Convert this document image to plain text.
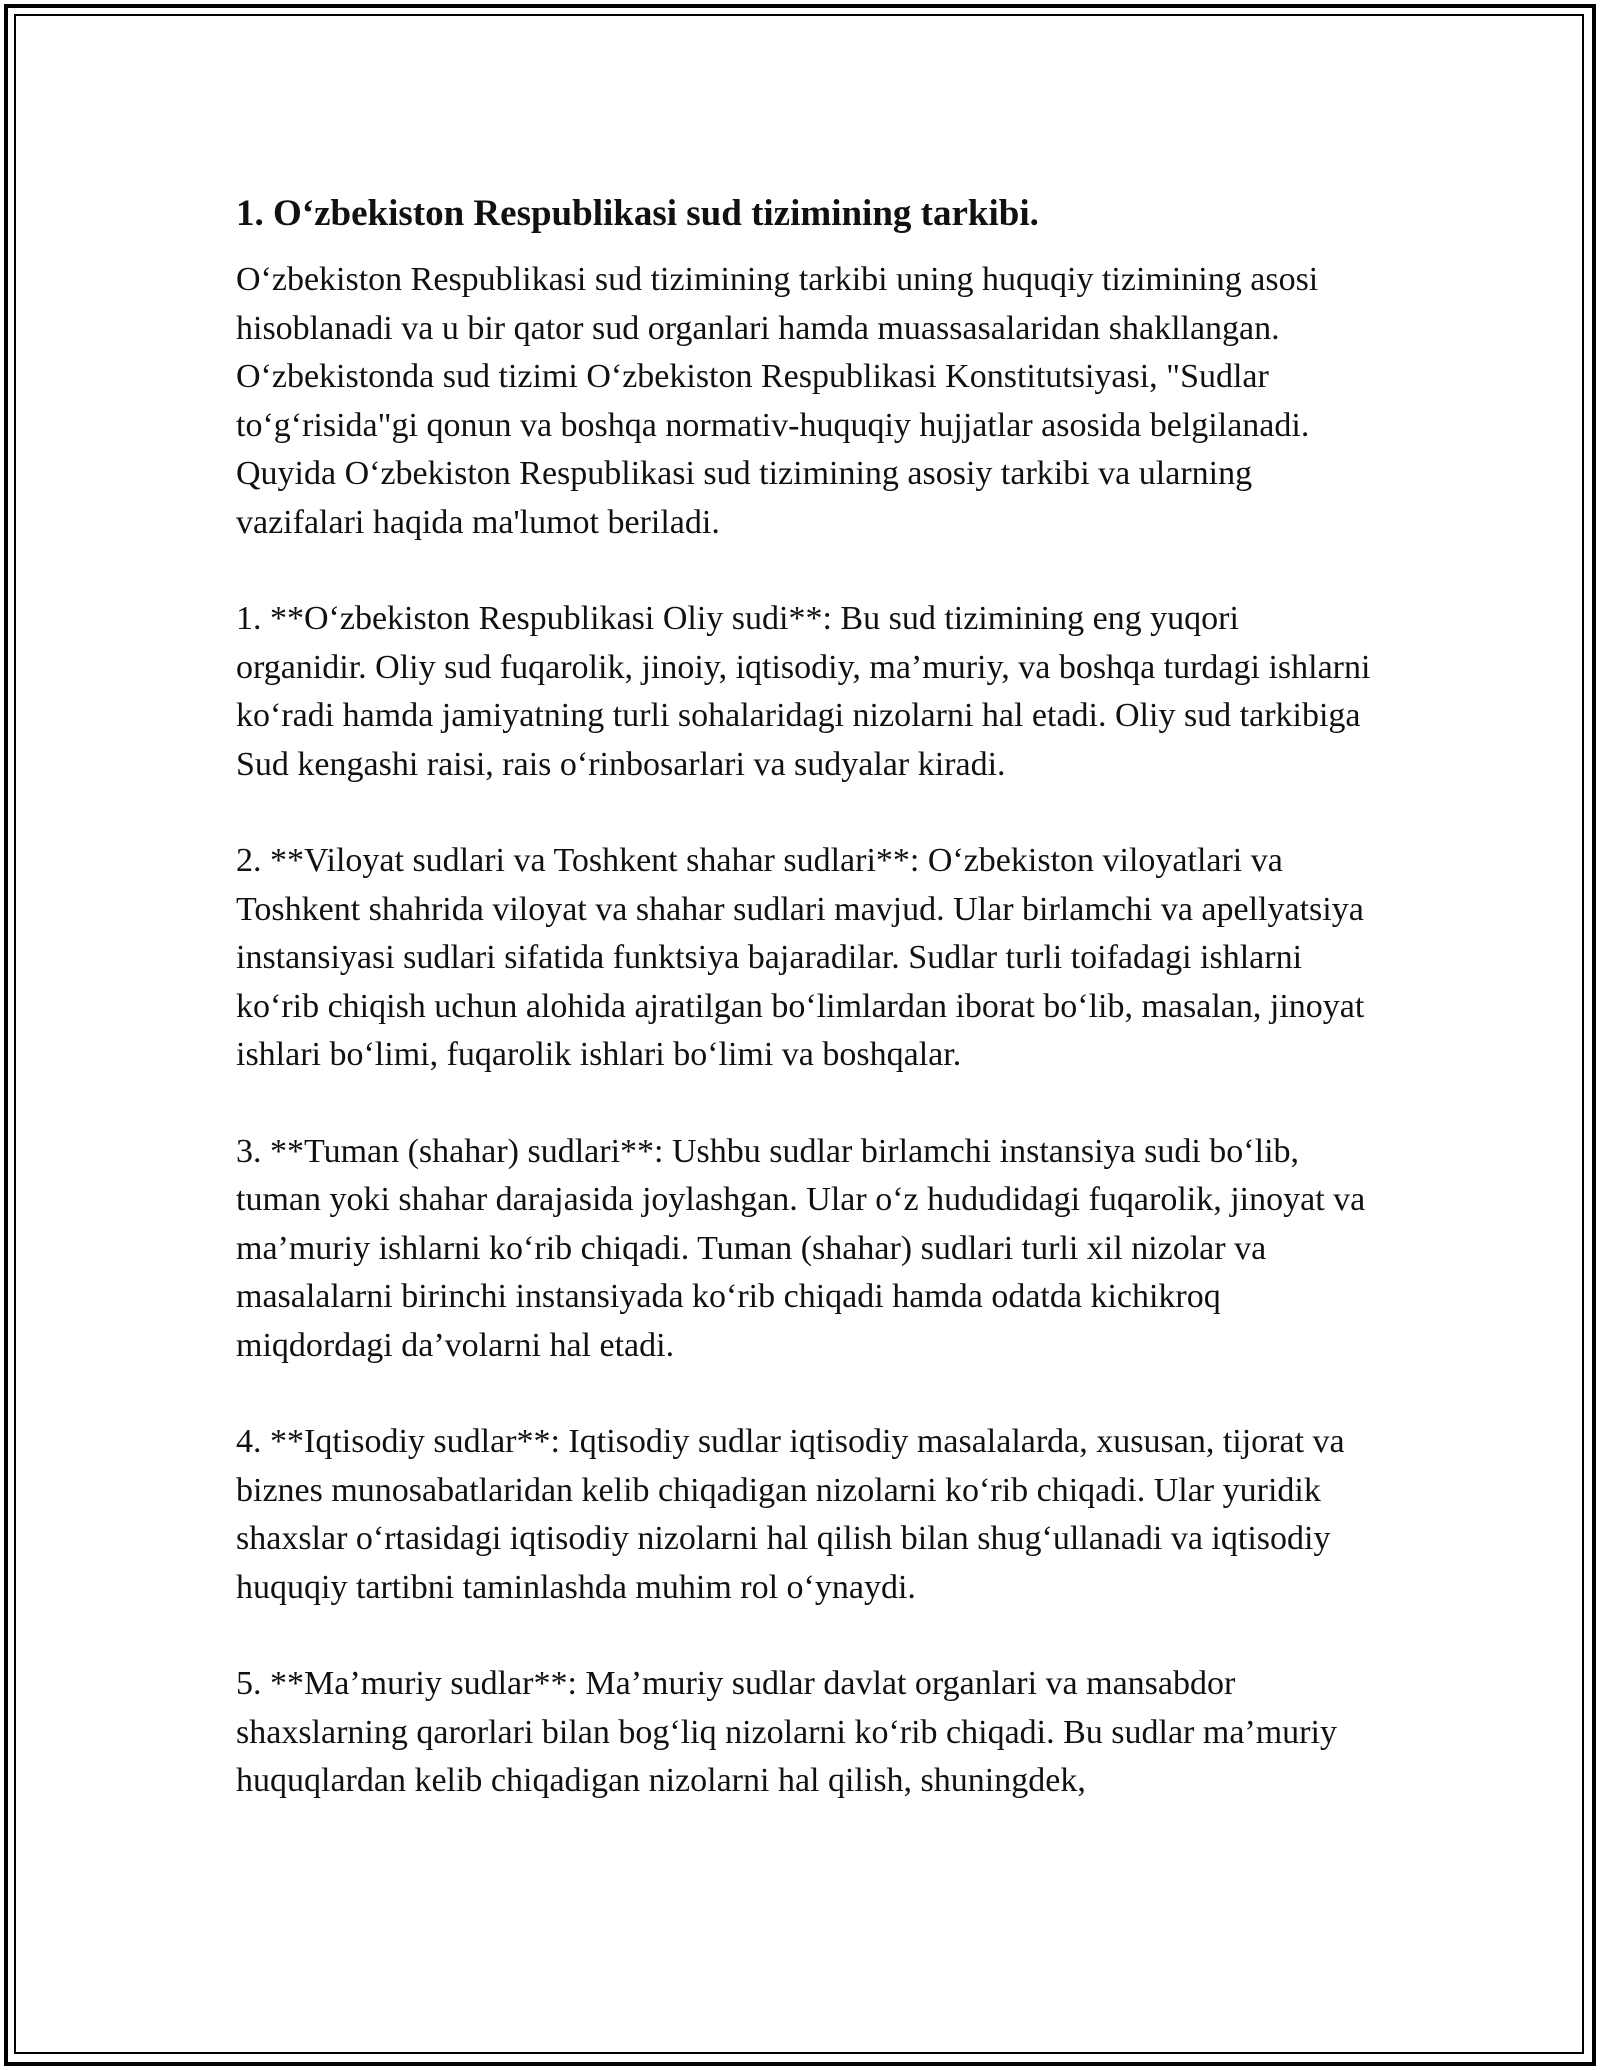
1. O‘zbekiston Respublikasi sud tizimining tarkibi.
O‘zbekiston Respublikasi sud tizimining tarkibi uning huquqiy tizimining asosi hisoblanadi va u bir qator sud organlari hamda muassasalaridan shakllangan. O‘zbekistonda sud tizimi O‘zbekiston Respublikasi Konstitutsiyasi, "Sudlar to‘g‘risida"gi qonun va boshqa normativ-huquqiy hujjatlar asosida belgilanadi. Quyida O‘zbekiston Respublikasi sud tizimining asosiy tarkibi va ularning vazifalari haqida ma'lumot beriladi.
1. **O‘zbekiston Respublikasi Oliy sudi**: Bu sud tizimining eng yuqori organidir. Oliy sud fuqarolik, jinoiy, iqtisodiy, ma’muriy, va boshqa turdagi ishlarni ko‘radi hamda jamiyatning turli sohalaridagi nizolarni hal etadi. Oliy sud tarkibiga Sud kengashi raisi, rais o‘rinbosarlari va sudyalar kiradi.
2. **Viloyat sudlari va Toshkent shahar sudlari**: O‘zbekiston viloyatlari va Toshkent shahrida viloyat va shahar sudlari mavjud. Ular birlamchi va apellyatsiya instansiyasi sudlari sifatida funktsiya bajaradilar. Sudlar turli toifadagi ishlarni ko‘rib chiqish uchun alohida ajratilgan bo‘limlardan iborat bo‘lib, masalan, jinoyat ishlari bo‘limi, fuqarolik ishlari bo‘limi va boshqalar.
3. **Tuman (shahar) sudlari**: Ushbu sudlar birlamchi instansiya sudi bo‘lib, tuman yoki shahar darajasida joylashgan. Ular o‘z hududidagi fuqarolik, jinoyat va ma’muriy ishlarni ko‘rib chiqadi. Tuman (shahar) sudlari turli xil nizolar va masalalarni birinchi instansiyada ko‘rib chiqadi hamda odatda kichikroq miqdordagi da’volarni hal etadi.
4. **Iqtisodiy sudlar**: Iqtisodiy sudlar iqtisodiy masalalarda, xususan, tijorat va biznes munosabatlaridan kelib chiqadigan nizolarni ko‘rib chiqadi. Ular yuridik shaxslar o‘rtasidagi iqtisodiy nizolarni hal qilish bilan shug‘ullanadi va iqtisodiy huquqiy tartibni taminlashda muhim rol o‘ynaydi.
5. **Ma’muriy sudlar**: Ma’muriy sudlar davlat organlari va mansabdor shaxslarning qarorlari bilan bog‘liq nizolarni ko‘rib chiqadi. Bu sudlar ma’muriy huquqlardan kelib chiqadigan nizolarni hal qilish, shuningdek,
